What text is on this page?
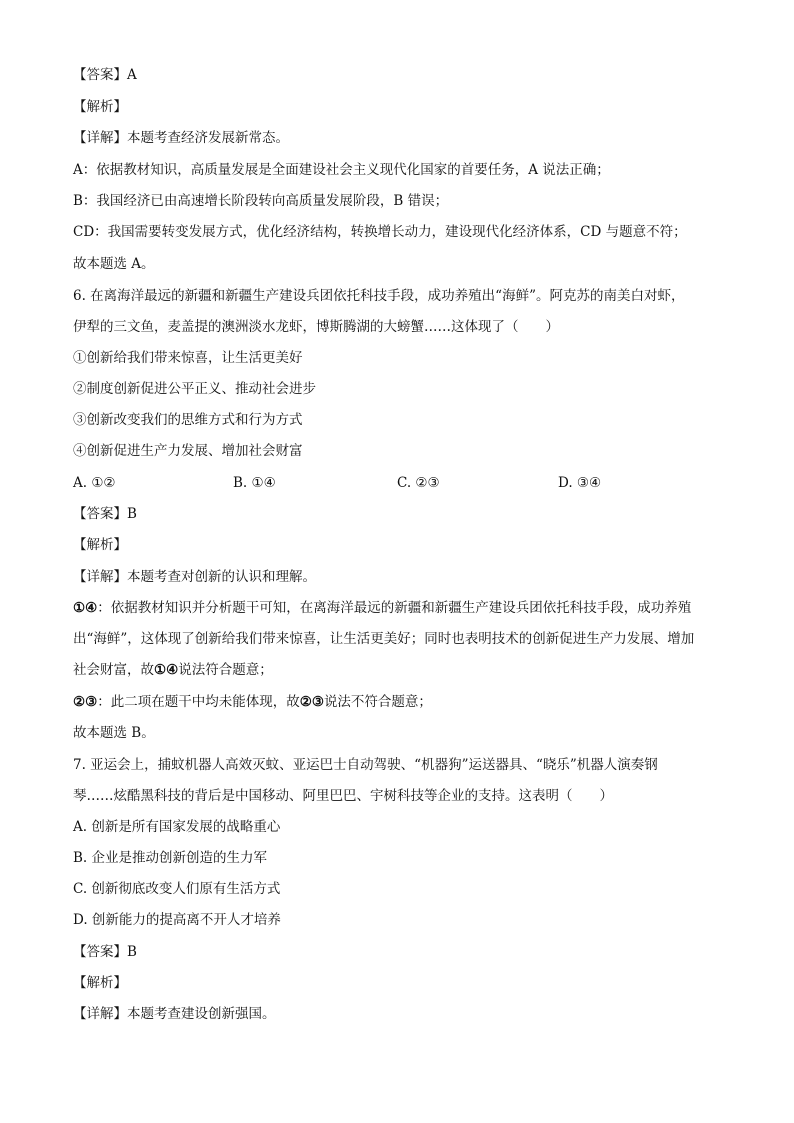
【答案】A
【解析】
【详解】本题考查经济发展新常态。
A：依据教材知识，高质量发展是全面建设社会主义现代化国家的首要任务，A 说法正确；
B：我国经济已由高速增长阶段转向高质量发展阶段，B 错误；
CD：我国需要转变发展方式，优化经济结构，转换增长动力，建设现代化经济体系，CD 与题意不符；
故本题选 A。
6. 在离海洋最远的新疆和新疆生产建设兵团依托科技手段，成功养殖出“海鲜”。阿克苏的南美白对虾，
伊犁的三文鱼，麦盖提的澳洲淡水龙虾，博斯腾湖的大螃蟹……这体现了（　　）
①创新给我们带来惊喜，让生活更美好
②制度创新促进公平正义、推动社会进步
③创新改变我们的思维方式和行为方式
④创新促进生产力发展、增加社会财富
A. ①②	B. ①④	C. ②③	D. ③④
【答案】B
【解析】
【详解】本题考查对创新的认识和理解。
①④：依据教材知识并分析题干可知，在离海洋最远的新疆和新疆生产建设兵团依托科技手段，成功养殖
出“海鲜”，这体现了创新给我们带来惊喜，让生活更美好；同时也表明技术的创新促进生产力发展、增加
社会财富，故①④说法符合题意；
②③：此二项在题干中均未能体现，故②③说法不符合题意；
故本题选 B。
7. 亚运会上，捕蚊机器人高效灭蚊、亚运巴士自动驾驶、“机器狗”运送器具、“晓乐”机器人演奏钢
琴……炫酷黑科技的背后是中国移动、阿里巴巴、宇树科技等企业的支持。这表明（　　）
A. 创新是所有国家发展的战略重心
B. 企业是推动创新创造的生力军
C. 创新彻底改变人们原有生活方式
D. 创新能力的提高离不开人才培养
【答案】B
【解析】
【详解】本题考查建设创新强国。
